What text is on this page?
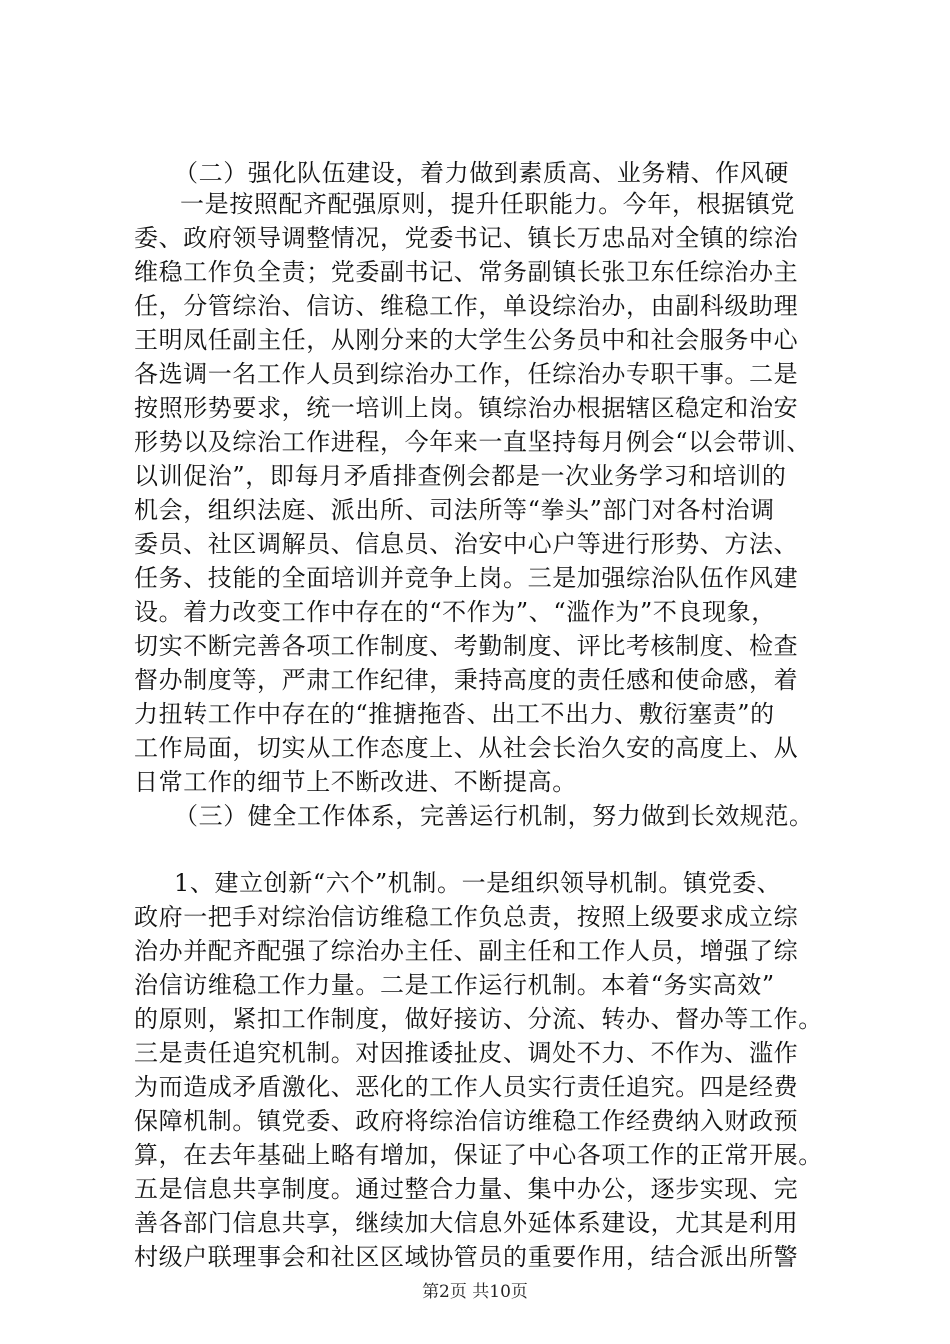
（二）强化队伍建设，着力做到素质高、业务精、作风硬
一是按照配齐配强原则，提升任职能力。今年，根据镇党
委、政府领导调整情况，党委书记、镇长万忠品对全镇的综治
维稳工作负全责；党委副书记、常务副镇长张卫东任综治办主
任，分管综治、信访、维稳工作，单设综治办，由副科级助理
王明凤任副主任，从刚分来的大学生公务员中和社会服务中心
各选调一名工作人员到综治办工作，任综治办专职干事。二是
按照形势要求，统一培训上岗。镇综治办根据辖区稳定和治安
形势以及综治工作进程，今年来一直坚持每月例会“以会带训、
以训促治”，即每月矛盾排查例会都是一次业务学习和培训的
机会，组织法庭、派出所、司法所等“拳头”部门对各村治调
委员、社区调解员、信息员、治安中心户等进行形势、方法、
任务、技能的全面培训并竞争上岗。三是加强综治队伍作风建
设。着力改变工作中存在的“不作为”、“滥作为”不良现象，
切实不断完善各项工作制度、考勤制度、评比考核制度、检查
督办制度等，严肃工作纪律，秉持高度的责任感和使命感，着
力扭转工作中存在的“推搪拖沓、出工不出力、敷衍塞责”的
工作局面，切实从工作态度上、从社会长治久安的高度上、从
日常工作的细节上不断改进、不断提高。
（三）健全工作体系，完善运行机制，努力做到长效规范。
1、建立创新“六个”机制。一是组织领导机制。镇党委、
政府一把手对综治信访维稳工作负总责，按照上级要求成立综
治办并配齐配强了综治办主任、副主任和工作人员，增强了综
治信访维稳工作力量。二是工作运行机制。本着“务实高效”
的原则，紧扣工作制度，做好接访、分流、转办、督办等工作。
三是责任追究机制。对因推诿扯皮、调处不力、不作为、滥作
为而造成矛盾激化、恶化的工作人员实行责任追究。四是经费
保障机制。镇党委、政府将综治信访维稳工作经费纳入财政预
算，在去年基础上略有增加，保证了中心各项工作的正常开展。
五是信息共享制度。通过整合力量、集中办公，逐步实现、完
善各部门信息共享，继续加大信息外延体系建设，尤其是利用
村级户联理事会和社区区域协管员的重要作用，结合派出所警
第2页 共10页
